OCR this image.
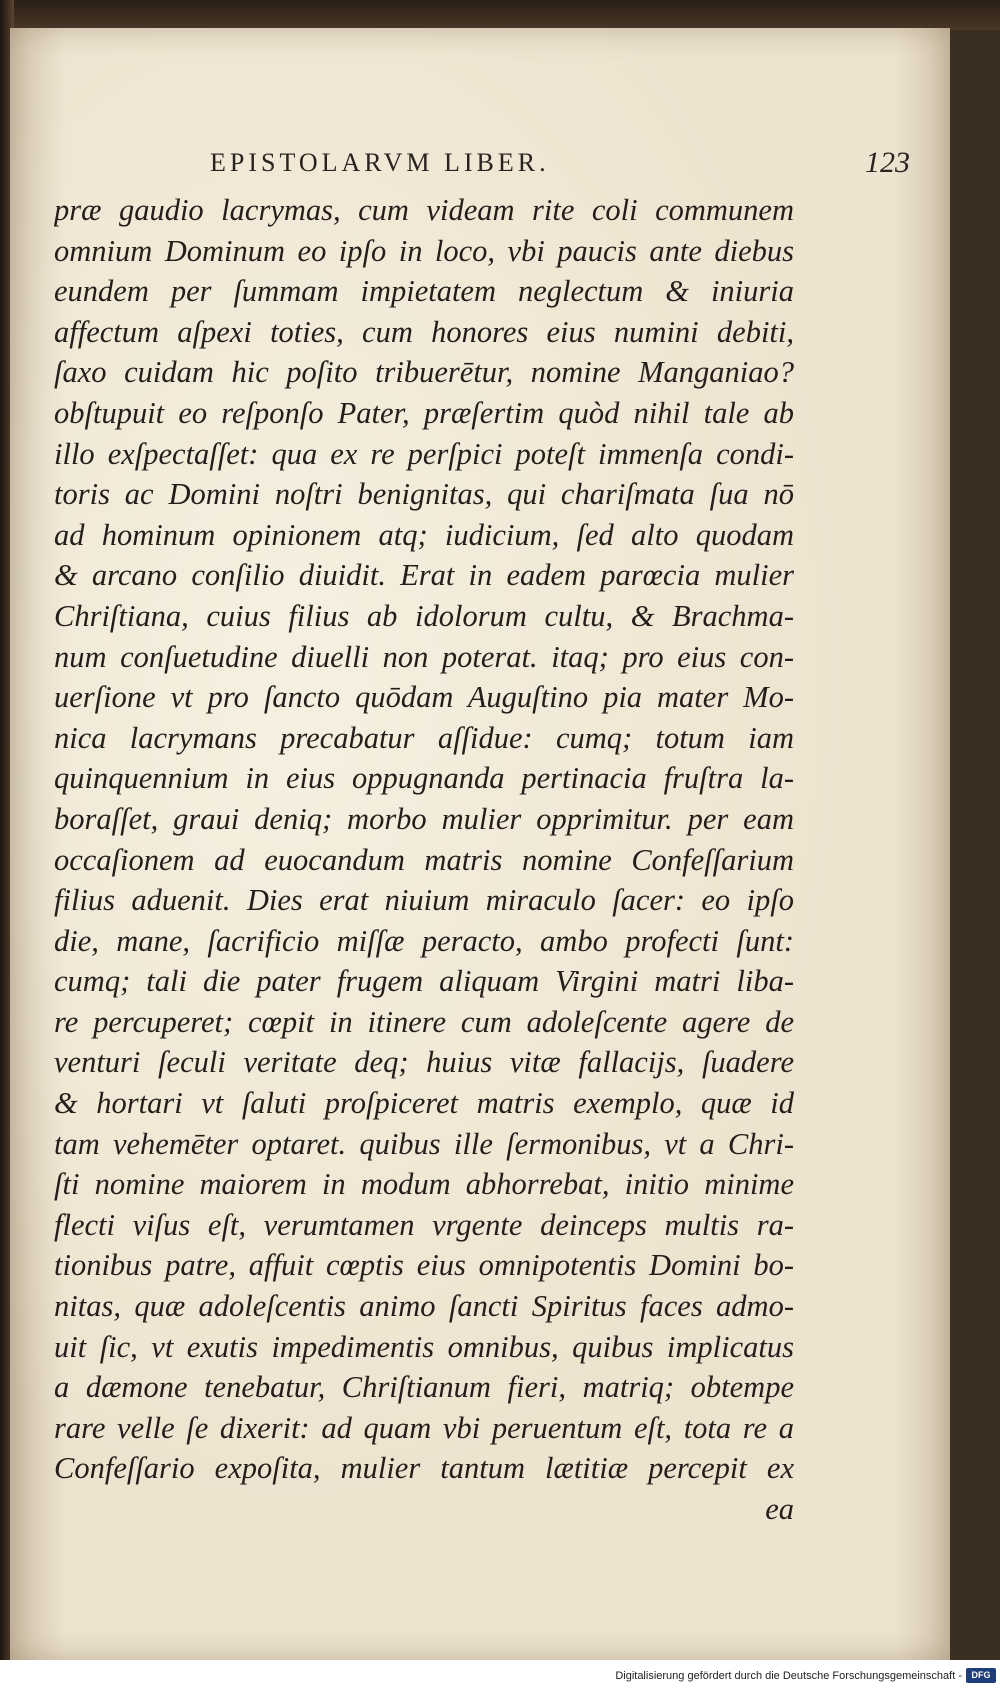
EPISTOLARVM LIBER.	123
præ gaudio lacrymas, cum videam rite coli communem
omnium Dominum eo ipſo in loco, vbi paucis ante diebus
eundem per ſummam impietatem neglectum & iniuria
affectum aſpexi toties, cum honores eius numini debiti,
ſaxo cuidam hic poſito tribuerētur, nomine Manganiao?
obſtupuit eo reſponſo Pater, præſertim quòd nihil tale ab
illo exſpectaſſet: qua ex re perſpici poteſt immenſa condi-
toris ac Domini noſtri benignitas, qui chariſmata ſua nō
ad hominum opinionem atq; iudicium, ſed alto quodam
& arcano conſilio diuidit. Erat in eadem parœcia mulier
Chriſtiana, cuius filius ab idolorum cultu, & Brachma-
num conſuetudine diuelli non poterat. itaq; pro eius con-
uerſione vt pro ſancto quōdam Auguſtino pia mater Mo-
nica lacrymans precabatur aſſidue: cumq; totum iam
quinquennium in eius oppugnanda pertinacia fruſtra la-
boraſſet, graui deniq; morbo mulier opprimitur. per eam
occaſionem ad euocandum matris nomine Confeſſarium
filius aduenit. Dies erat niuium miraculo ſacer: eo ipſo
die, mane, ſacrificio miſſæ peracto, ambo profecti ſunt:
cumq; tali die pater frugem aliquam Virgini matri liba-
re percuperet; cœpit in itinere cum adoleſcente agere de
venturi ſeculi veritate deq; huius vitæ fallacijs, ſuadere
& hortari vt ſaluti proſpiceret matris exemplo, quæ id
tam vehemēter optaret. quibus ille ſermonibus, vt a Chri-
ſti nomine maiorem in modum abhorrebat, initio minime
flecti viſus eſt, verumtamen vrgente deinceps multis ra-
tionibus patre, affuit cœptis eius omnipotentis Domini bo-
nitas, quæ adoleſcentis animo ſancti Spiritus faces admo-
uit ſic, vt exutis impedimentis omnibus, quibus implicatus
a dæmone tenebatur, Chriſtianum fieri, matriq; obtempe
rare velle ſe dixerit: ad quam vbi peruentum eſt, tota re a
Confeſſario expoſita, mulier tantum lætitiæ percepit ex
ea
Digitalisierung gefördert durch die Deutsche Forschungsgemeinschaft -	DFG
